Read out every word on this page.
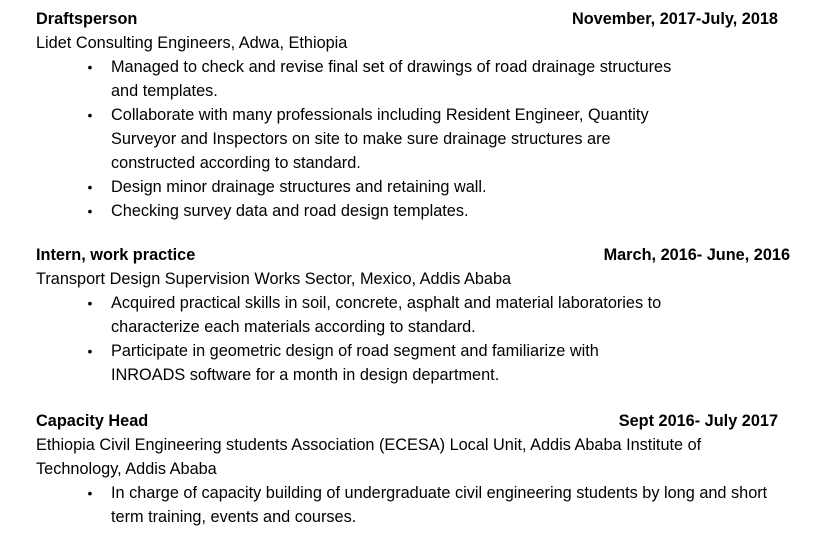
Draftsperson	November, 2017-July, 2018
Lidet Consulting Engineers, Adwa, Ethiopia
• Managed to check and revise final set of drawings of road drainage structures and templates.
• Collaborate with many professionals including Resident Engineer, Quantity Surveyor and Inspectors on site to make sure drainage structures are constructed according to standard.
• Design minor drainage structures and retaining wall.
• Checking survey data and road design templates.
Intern, work practice	March, 2016- June, 2016
Transport Design Supervision Works Sector, Mexico, Addis Ababa
• Acquired practical skills in soil, concrete, asphalt and material laboratories to characterize each materials according to standard.
• Participate in geometric design of road segment and familiarize with INROADS software for a month in design department.
Capacity Head	Sept 2016- July 2017
Ethiopia Civil Engineering students Association (ECESA) Local Unit, Addis Ababa Institute of Technology, Addis Ababa
• In charge of capacity building of undergraduate civil engineering students by long and short term training, events and courses.
